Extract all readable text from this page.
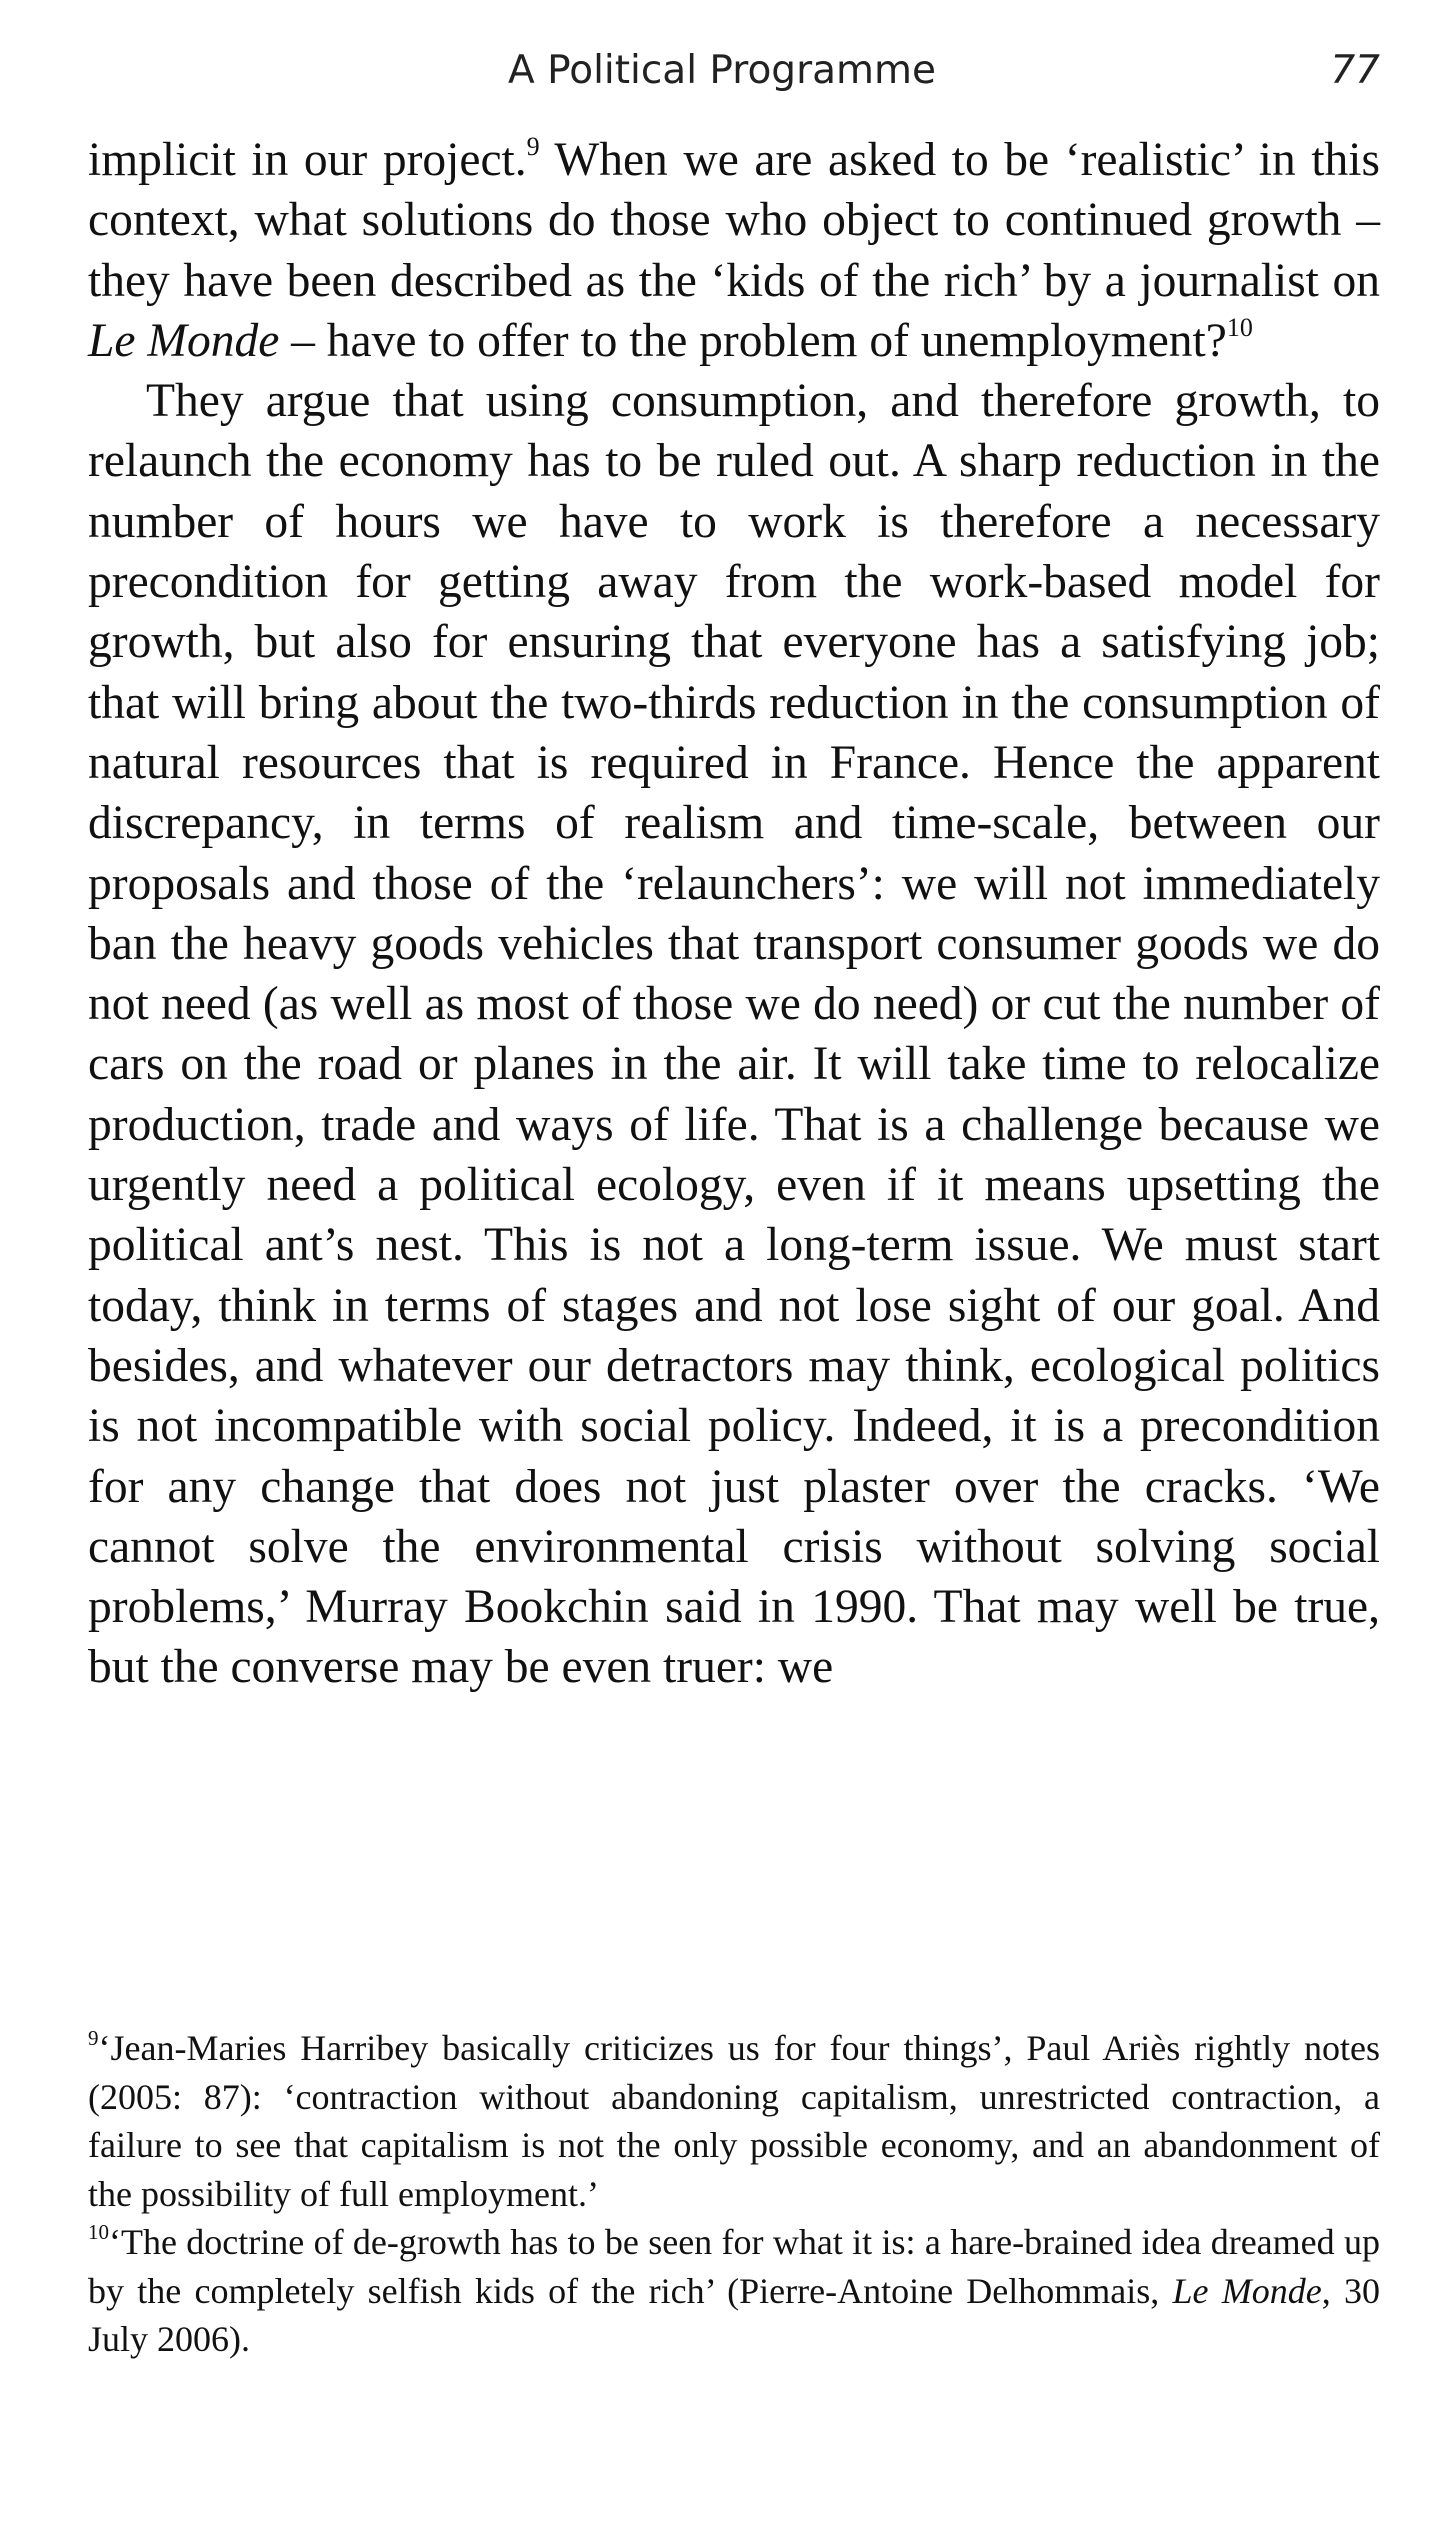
A Political Programme	77

implicit in our project.$^9$ When we are asked to be ‘realistic’ in this context, what solutions do those who object to continued growth – they have been described as the ‘kids of the rich’ by a journalist on Le Monde – have to offer to the problem of unemployment?$^{10}$

They argue that using consumption, and therefore growth, to relaunch the economy has to be ruled out. A sharp reduction in the number of hours we have to work is therefore a necessary precondition for getting away from the work-based model for growth, but also for ensuring that everyone has a satisfying job; that will bring about the two-thirds reduction in the consumption of natural resources that is required in France. Hence the apparent discrepancy, in terms of realism and time-scale, between our proposals and those of the ‘relaunchers’: we will not immediately ban the heavy goods vehicles that transport consumer goods we do not need (as well as most of those we do need) or cut the number of cars on the road or planes in the air. It will take time to relocalize production, trade and ways of life. That is a challenge because we urgently need a political ecology, even if it means upsetting the political ant’s nest. This is not a long-term issue. We must start today, think in terms of stages and not lose sight of our goal. And besides, and whatever our detractors may think, ecological politics is not incompatible with social policy. Indeed, it is a precondition for any change that does not just plaster over the cracks. ‘We cannot solve the environmental crisis without solving social problems,’ Murray Bookchin said in 1990. That may well be true, but the converse may be even truer: we

$^9$‘Jean-Maries Harribey basically criticizes us for four things’, Paul Ariès rightly notes (2005: 87): ‘contraction without abandoning capitalism, unrestricted contraction, a failure to see that capitalism is not the only possible economy, and an abandonment of the possibility of full employment.’

$^{10}$‘The doctrine of de-growth has to be seen for what it is: a hare-brained idea dreamed up by the completely selfish kids of the rich’ (Pierre-Antoine Delhommais, Le Monde, 30 July 2006).
